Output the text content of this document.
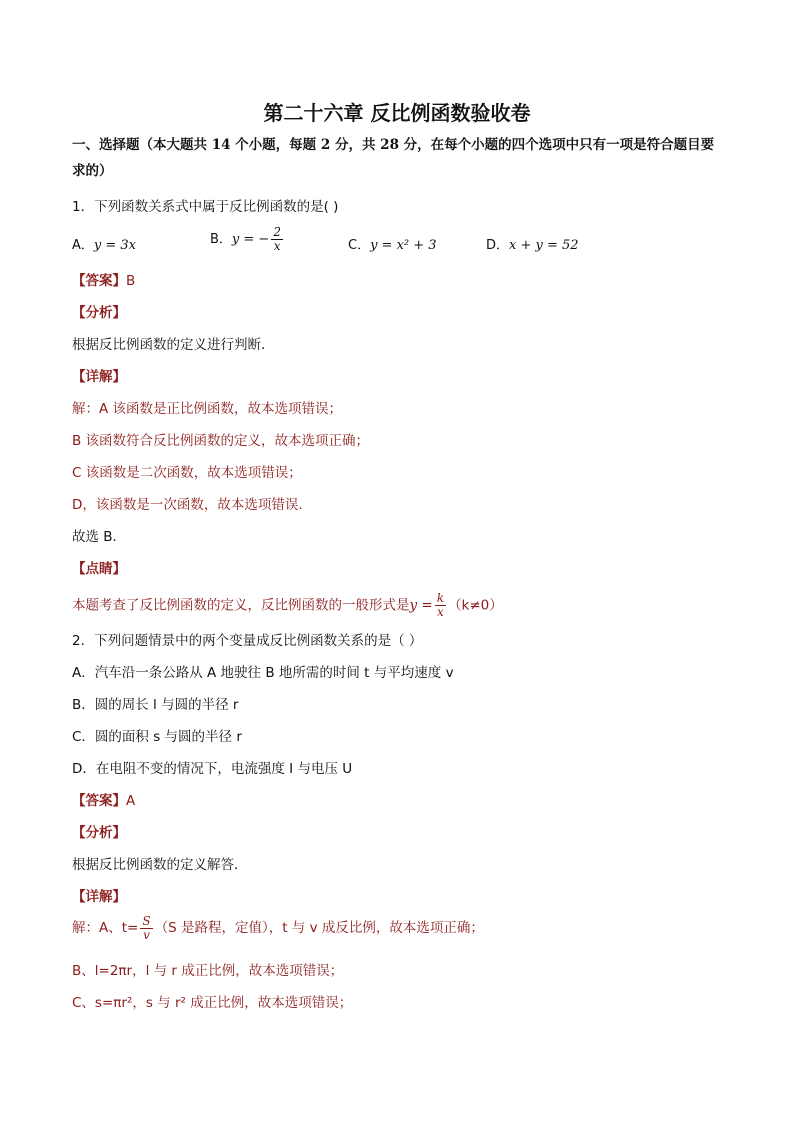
第二十六章 反比例函数验收卷
一、选择题（本大题共 14 个小题，每题 2 分，共 28 分，在每个小题的四个选项中只有一项是符合题目要
求的）
1．下列函数关系式中属于反比例函数的是( )
A．y = 3x	B．y = − $\frac{2}{x}$	C．y = x² + 3	D．x + y = 52
【答案】B
【分析】
根据反比例函数的定义进行判断．
【详解】
解：A 该函数是正比例函数，故本选项错误；
B 该函数符合反比例函数的定义，故本选项正确；
C 该函数是二次函数，故本选项错误；
D，该函数是一次函数，故本选项错误.
故选 B．
【点睛】
本题考查了反比例函数的定义，反比例函数的一般形式是$y = \frac{k}{x} (k\ne 0)$
2．下列问题情景中的两个变量成反比例函数关系的是（ ）
A．汽车沿一条公路从 A 地驶往 B 地所需的时间 t 与平均速度 v
B．圆的周长 l 与圆的半径 r
C．圆的面积 s 与圆的半径 r
D．在电阻不变的情况下，电流强度 I 与电压 U
【答案】A
【分析】
根据反比例函数的定义解答．
【详解】
解：A、$t= \frac{S}{v} (S$ 是路程，定值），t 与 v 成反比例，故本选项正确；
B、l=2πr，l 与 r 成正比例，故本选项错误；
C、s=πr²，s 与 r² 成正比例，故本选项错误；
